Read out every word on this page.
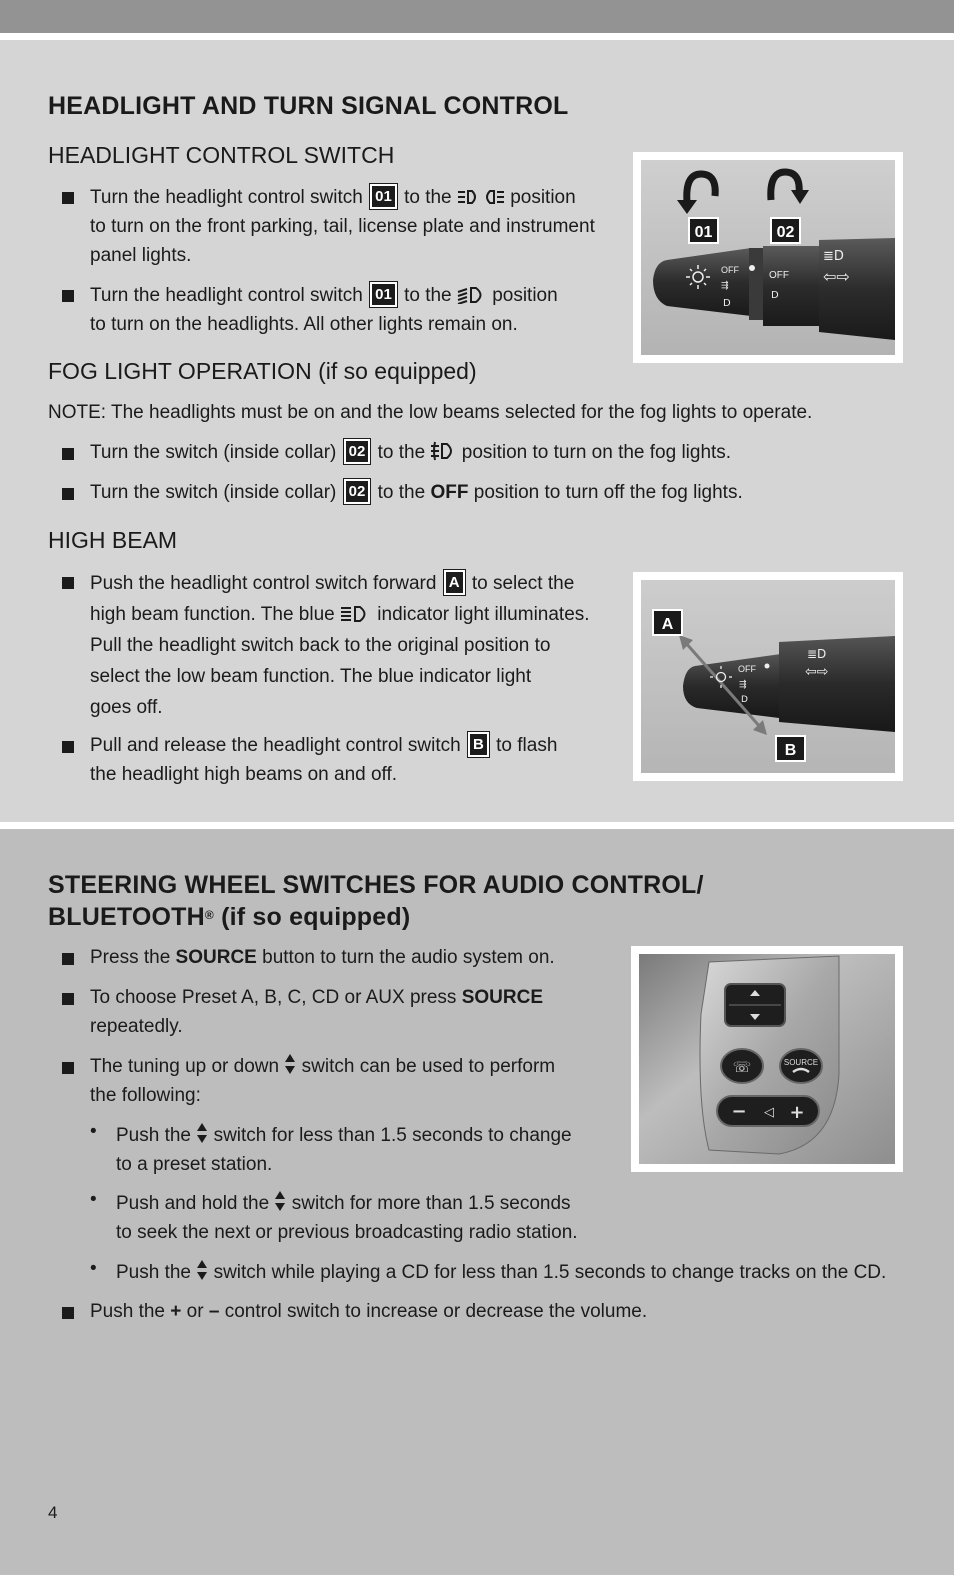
HEADLIGHT AND TURN SIGNAL CONTROL
HEADLIGHT CONTROL SWITCH
Turn the headlight control switch 01 to the	position
to turn on the front parking, tail, license plate and instrument
panel lights.
Turn the headlight control switch 01 to the position
to turn on the headlights. All other lights remain on.
FOG LIGHT OPERATION (if so equipped)
NOTE: The headlights must be on and the low beams selected for the fog lights to operate.
Turn the switch (inside collar) 02 to the position to turn on the fog lights.
Turn the switch (inside collar) 02 to the OFF position to turn off the fog lights.
HIGH BEAM
Push the headlight control switch forward A to select the
high beam function. The blue indicator light illuminates.
Pull the headlight switch back to the original position to
select the low beam function. The blue indicator light
goes off.
Pull and release the headlight control switch B to flash
the headlight high beams on and off.
01	02
OFF
⇶
D
OFF
D
≣D
⇦⇨
A
B
OFF
⇶
D
≣D
⇦⇨
STEERING WHEEL SWITCHES FOR AUDIO CONTROL/
BLUETOOTH® (if so equipped)
Press the SOURCE button to turn the audio system on.
To choose Preset A, B, C, CD or AUX press SOURCE
repeatedly.
The tuning up or down switch can be used to perform
the following:
• Push the switch for less than 1.5 seconds to change
to a preset station.
• Push and hold the switch for more than 1.5 seconds
to seek the next or previous broadcasting radio station.
• Push the switch while playing a CD for less than 1.5 seconds to change tracks on the CD.
Push the + or – control switch to increase or decrease the volume.
☏	SOURCE
− ◁ +
4
